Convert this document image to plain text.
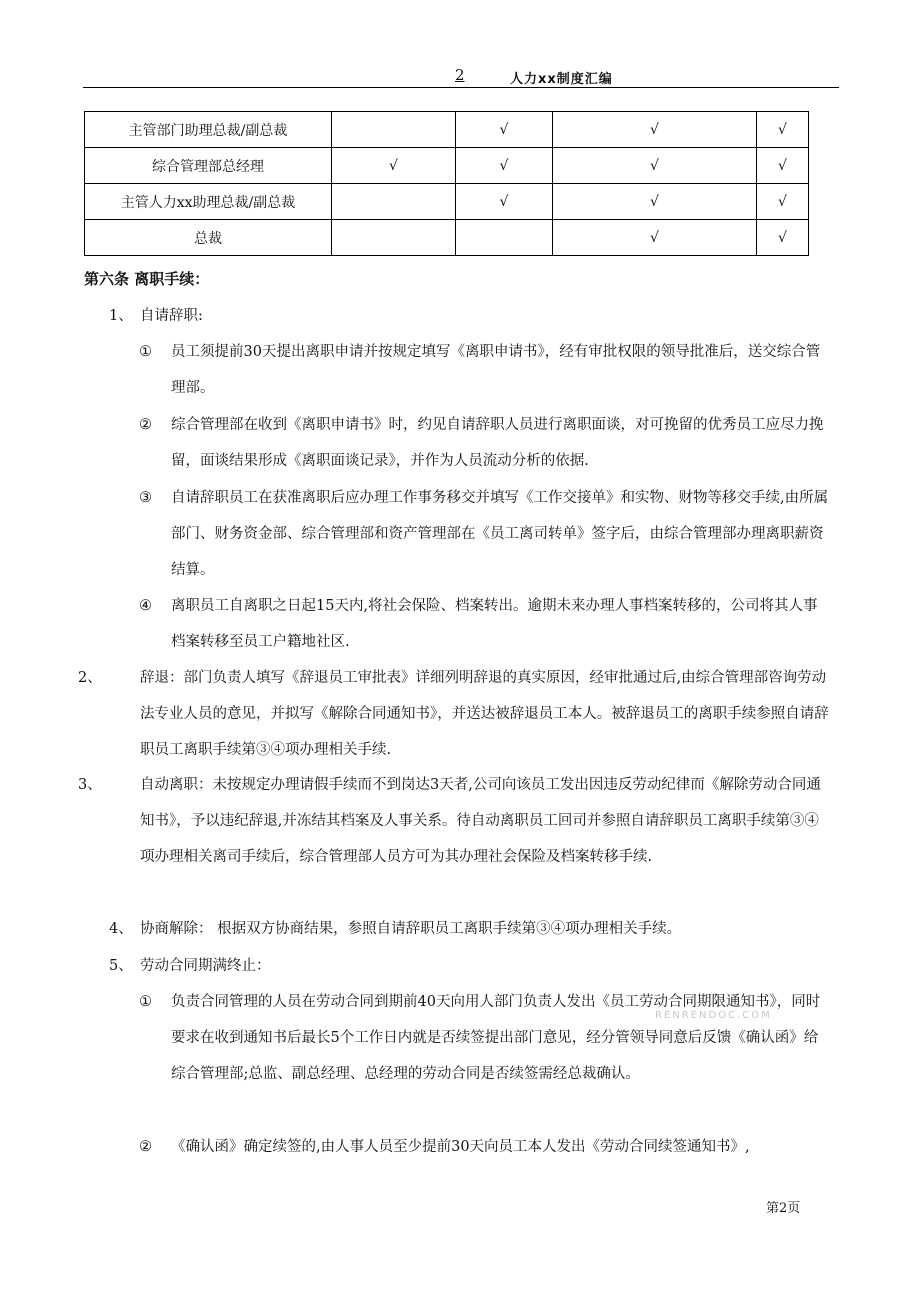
2	人力xx制度汇编
主管部门助理总裁/副总裁		√	√	√
综合管理部总经理	√	√	√	√
主管人力xx助理总裁/副总裁		√	√	√
总裁			√	√
第六条 离职手续：

1、 自请辞职:

① 员工须提前30天提出离职申请并按规定填写《离职申请书》，经有审批权限的领导批准后，送交综合管理部。

② 综合管理部在收到《离职申请书》时，约见自请辞职人员进行离职面谈，对可挽留的优秀员工应尽力挽留，面谈结果形成《离职面谈记录》，并作为人员流动分析的依据.

③ 自请辞职员工在获准离职后应办理工作事务移交并填写《工作交接单》和实物、财物等移交手续,由所属部门、财务资金部、综合管理部和资产管理部在《员工离司转单》签字后，由综合管理部办理离职薪资结算。

④ 离职员工自离职之日起15天内,将社会保险、档案转出。逾期未来办理人事档案转移的，公司将其人事档案转移至员工户籍地社区.

2、	辞退：部门负责人填写《辞退员工审批表》详细列明辞退的真实原因，经审批通过后,由综合管理部咨询劳动法专业人员的意见，并拟写《解除合同通知书》，并送达被辞退员工本人。被辞退员工的离职手续参照自请辞职员工离职手续第③④项办理相关手续.

3、	自动离职：未按规定办理请假手续而不到岗达3天者,公司向该员工发出因违反劳动纪律而《解除劳动合同通知书》，予以违纪辞退,并冻结其档案及人事关系。待自动离职员工回司并参照自请辞职员工离职手续第③④项办理相关离司手续后，综合管理部人员方可为其办理社会保险及档案转移手续.

4、 协商解除： 根据双方协商结果，参照自请辞职员工离职手续第③④项办理相关手续。

5、 劳动合同期满终止：

① 负责合同管理的人员在劳动合同到期前40天向用人部门负责人发出《员工劳动合同期限通知书》，同时要求在收到通知书后最长5个工作日内就是否续签提出部门意见，经分管领导同意后反馈《确认函》给综合管理部;总监、副总经理、总经理的劳动合同是否续签需经总裁确认。

② 《确认函》确定续签的,由人事人员至少提前30天向员工本人发出《劳动合同续签通知书》,

RENRENDOC.COM
第2页
